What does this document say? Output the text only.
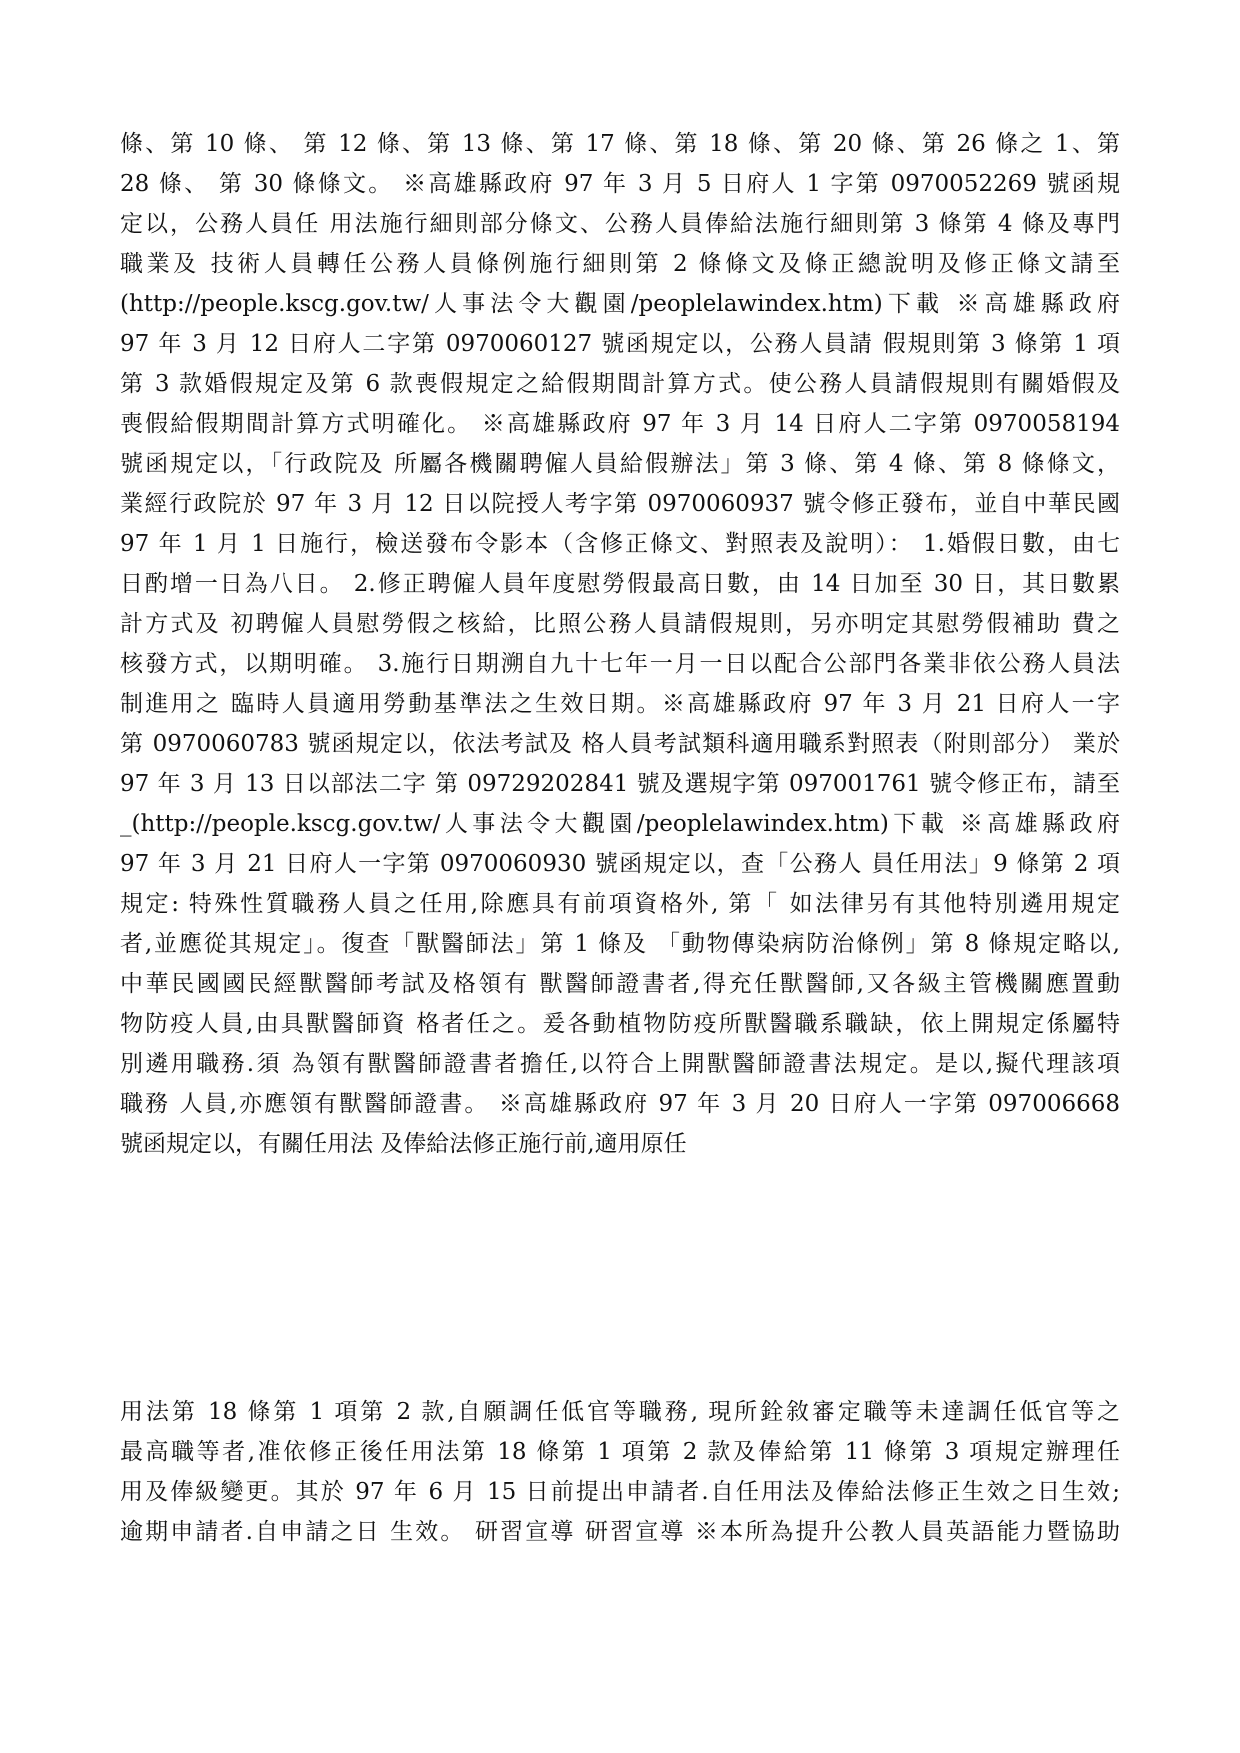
條、第 10 條、 第 12 條、第 13 條、第 17 條、第 18 條、第 20 條、第 26 條之 1、第
28 條、 第 30 條條文。 ※高雄縣政府 97 年 3 月 5 日府人 1 字第 0970052269 號函規
定以，公務人員任 用法施行細則部分條文、公務人員俸給法施行細則第 3 條第 4 條及專門
職業及 技術人員轉任公務人員條例施行細則第 2 條條文及條正總說明及修正條文請至
(http://people.kscg.gov.tw/人事法令大觀園/peoplelawindex.htm)下載 ※高雄縣政府
97 年 3 月 12 日府人二字第 0970060127 號函規定以，公務人員請 假規則第 3 條第 1 項
第 3 款婚假規定及第 6 款喪假規定之給假期間計算方式。使公務人員請假規則有關婚假及
喪假給假期間計算方式明確化。 ※高雄縣政府 97 年 3 月 14 日府人二字第 0970058194
號函規定以，「行政院及 所屬各機關聘僱人員給假辦法」第 3 條、第 4 條、第 8 條條文，
業經行政院於 97 年 3 月 12 日以院授人考字第 0970060937 號令修正發布，並自中華民國
97 年 1 月 1 日施行，檢送發布令影本（含修正條文、對照表及說明）： 1.婚假日數，由七
日酌增一日為八日。 2.修正聘僱人員年度慰勞假最高日數，由 14 日加至 30 日，其日數累
計方式及 初聘僱人員慰勞假之核給，比照公務人員請假規則，另亦明定其慰勞假補助 費之
核發方式，以期明確。 3.施行日期溯自九十七年一月一日以配合公部門各業非依公務人員法
制進用之 臨時人員適用勞動基準法之生效日期。※高雄縣政府 97 年 3 月 21 日府人一字
第 0970060783 號函規定以，依法考試及 格人員考試類科適用職系對照表（附則部分） 業於
97 年 3 月 13 日以部法二字 第 09729202841 號及選規字第 097001761 號令修正布，請至
_(http://people.kscg.gov.tw/人事法令大觀園/peoplelawindex.htm)下載 ※高雄縣政府
97 年 3 月 21 日府人一字第 0970060930 號函規定以，查「公務人 員任用法」9 條第 2 項
規定: 特殊性質職務人員之任用,除應具有前項資格外, 第「 如法律另有其他特別遴用規定
者,並應從其規定」。復查「獸醫師法」第 1 條及 「動物傳染病防治條例」第 8 條規定略以,
中華民國國民經獸醫師考試及格領有 獸醫師證書者,得充任獸醫師,又各級主管機關應置動
物防疫人員,由具獸醫師資 格者任之。爰各動植物防疫所獸醫職系職缺，依上開規定係屬特
別遴用職務.須 為領有獸醫師證書者擔任,以符合上開獸醫師證書法規定。是以,擬代理該項
職務 人員,亦應領有獸醫師證書。 ※高雄縣政府 97 年 3 月 20 日府人一字第 097006668
號函規定以，有關任用法 及俸給法修正施行前,適用原任
用法第 18 條第 1 項第 2 款,自願調任低官等職務, 現所銓敘審定職等未達調任低官等之
最高職等者,准依修正後任用法第 18 條第 1 項第 2 款及俸給第 11 條第 3 項規定辦理任
用及俸級變更。其於 97 年 6 月 15 日前提出申請者.自任用法及俸給法修正生效之日生效;
逾期申請者.自申請之日 生效。 研習宣導 研習宣導 ※本所為提升公教人員英語能力暨協助
